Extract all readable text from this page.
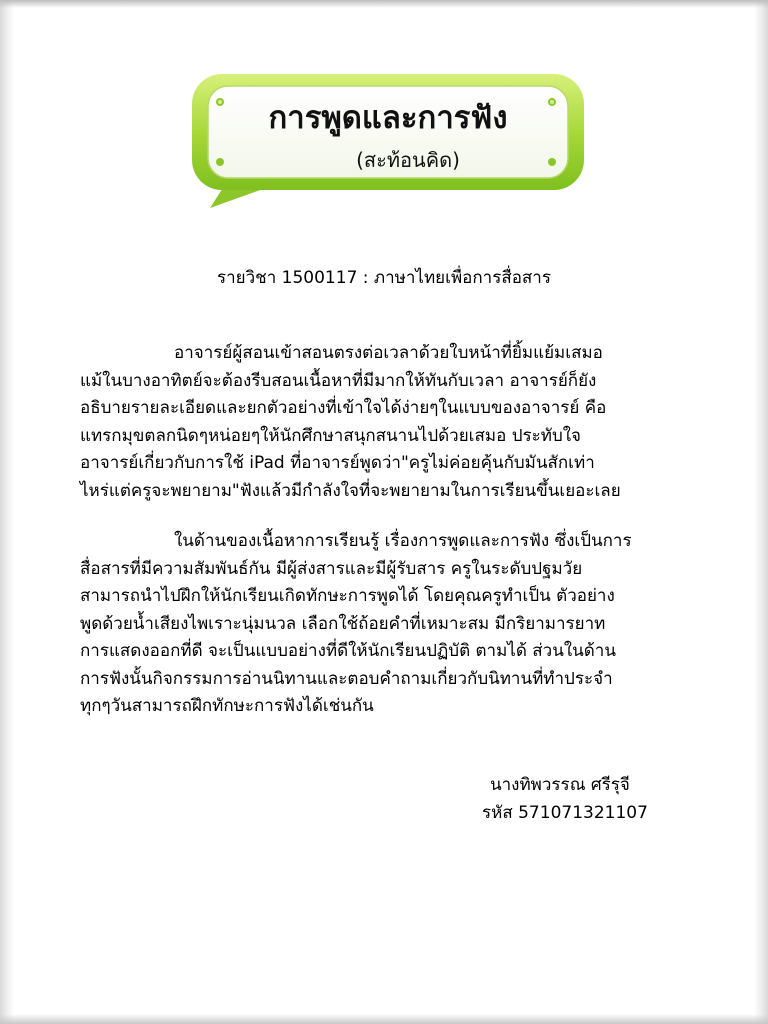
การพูดและการฟัง
(สะท้อนคิด)
รายวิชา 1500117 : ภาษาไทยเพื่อการสื่อสาร
อาจารย์ผู้สอนเข้าสอนตรงต่อเวลาด้วยใบหน้าที่ยิ้มแย้มเสมอ
แม้ในบางอาทิตย์จะต้องรีบสอนเนื้อหาที่มีมากให้ทันกับเวลา อาจารย์ก็ยัง
อธิบายรายละเอียดและยกตัวอย่างที่เข้าใจได้ง่ายๆในแบบของอาจารย์ คือ
แทรกมุขตลกนิดๆหน่อยๆให้นักศึกษาสนุกสนานไปด้วยเสมอ ประทับใจ
อาจารย์เกี่ยวกับการใช้ iPad ที่อาจารย์พูดว่า"ครูไม่ค่อยคุ้นกับมันสักเท่า
ไหร่แต่ครูจะพยายาม"ฟังแล้วมีกำลังใจที่จะพยายามในการเรียนขึ้นเยอะเลย
ในด้านของเนื้อหาการเรียนรู้ เรื่องการพูดและการฟัง ซึ่งเป็นการ
สื่อสารที่มีความสัมพันธ์กัน มีผู้ส่งสารและมีผู้รับสาร ครูในระดับปฐมวัย
สามารถนำไปฝึกให้นักเรียนเกิดทักษะการพูดได้ โดยคุณครูทำเป็น ตัวอย่าง
พูดด้วยน้ำเสียงไพเราะนุ่มนวล เลือกใช้ถ้อยคำที่เหมาะสม มีกริยามารยาท
การแสดงออกที่ดี จะเป็นแบบอย่างที่ดีให้นักเรียนปฏิบัติ ตามได้ ส่วนในด้าน
การฟังนั้นกิจกรรมการอ่านนิทานและตอบคำถามเกี่ยวกับนิทานที่ทำประจำ
ทุกๆวันสามารถฝึกทักษะการฟังได้เช่นกัน
นางทิพวรรณ ศรีรุจี
รหัส 571071321107
